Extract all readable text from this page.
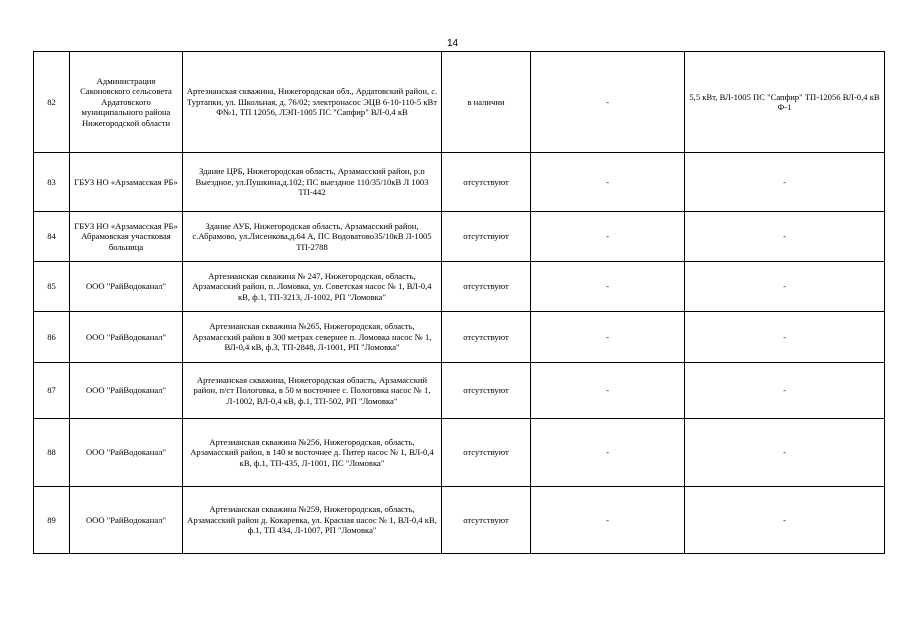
14
82	Администрация Саконовского сельсовета Ардатовского муниципального района Нижегородской области	Артезианская скважина, Нижегородская обл., Ардатовский район, с. Туртапки, ул. Школьная, д. 76/02; электронасос ЭЦВ 6-10-110-5 кВт Ф№1, ТП 12056, ЛЭП-1005 ПС "Сапфир" ВЛ-0,4 кВ	в наличии	-	5,5 кВт, ВЛ-1005 ПС "Сапфир" ТП-12056 ВЛ-0,4 кВ Ф-1
83	ГБУЗ НО «Арзамасская РБ»	Здание ЦРБ, Нижегородская область, Арзамасский район, р.п Выездное, ул.Пушкина,д.102; ПС выездное 110/35/10кВ Л 1003 ТП-442	отсутствуют	-	-
84	ГБУЗ НО «Арзамасская РБ» Абрамовская участковая больница	Здание АУБ, Нижегородская область, Арзамасский район, с.Абрамово, ул.Лисенкова,д.64 А, ПС Водоватово35/10кВ Л-1005 ТП-2788	отсутствуют	-	-
85	ООО "РайВодоканал"	Артезианская скважина № 247, Нижегородская, область, Арзамасский район, п. Ломовка, ул. Советская насос № 1, ВЛ-0,4 кВ, ф.1, ТП-3213, Л-1002, РП "Ломовка"	отсутствуют	-	-
86	ООО "РайВодоканал"	Артезианская скважина №265, Нижегородская, область, Арзамасский район в 300 метрах севернее п. Ломовка насос № 1, ВЛ-0,4 кВ, ф.3, ТП-2848, Л-1001, РП "Ломовка"	отсутствуют	-	-
87	ООО "РайВодоканал"	Артезианская скважина, Нижегородская область, Арзамасский район, п/ст Пологовка, в 50 м восточнее с. Пологовка насос № 1, Л-1002, ВЛ-0,4 кВ, ф.1, ТП-502, РП "Ломовка"	отсутствуют	-	-
88	ООО "РайВодоканал"	Артезианская скважина №256, Нижегородская, область, Арзамасский район, в 140 м восточнее д. Питер насос № 1, ВЛ-0,4 кВ, ф.1, ТП-435, Л-1001, ПС "Ломовка"	отсутствуют	-	-
89	ООО "РайВодоканал"	Артезианская скважина №259, Нижегородская, область, Арзамасский район д. Кокаревка, ул. Красная насос № 1, ВЛ-0,4 кВ, ф.1, ТП 434, Л-1007, РП "Ломовка"	отсутствуют	-	-
